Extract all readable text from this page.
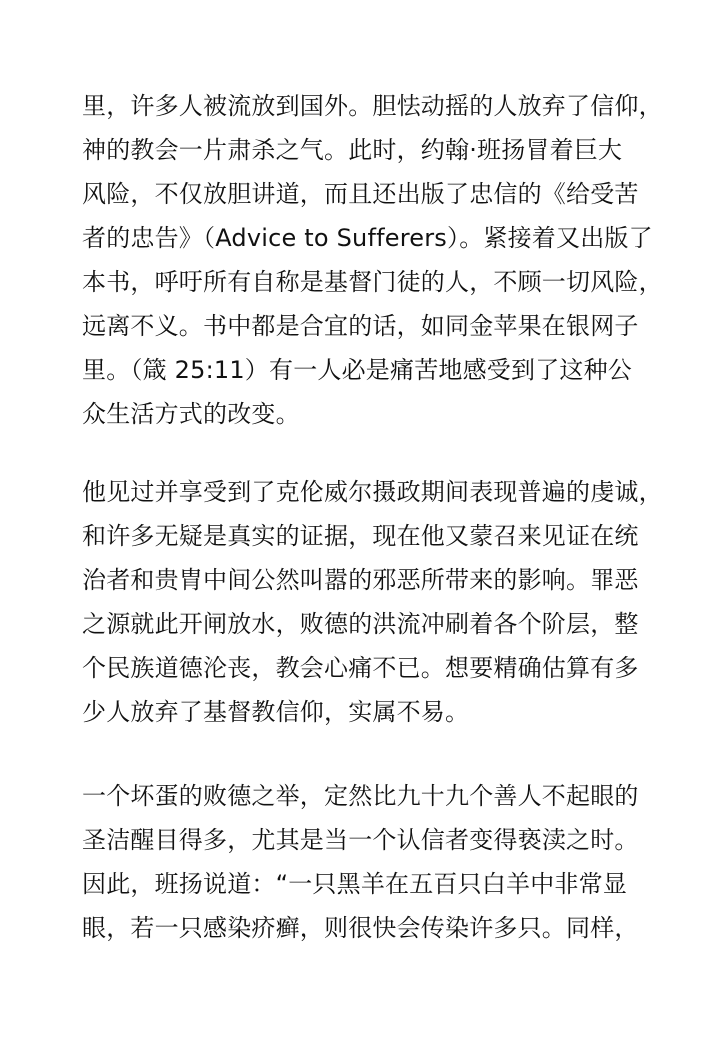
里，许多人被流放到国外。胆怯动摇的人放弃了信仰，
神的教会一片肃杀之气。此时，约翰·班扬冒着巨大
风险，不仅放胆讲道，而且还出版了忠信的《给受苦
者的忠告》（Advice to Sufferers）。紧接着又出版了
本书，呼吁所有自称是基督门徒的人，不顾一切风险，
远离不义。书中都是合宜的话，如同金苹果在银网子
里。（箴 25:11）有一人必是痛苦地感受到了这种公
众生活方式的改变。
他见过并享受到了克伦威尔摄政期间表现普遍的虔诚，
和许多无疑是真实的证据，现在他又蒙召来见证在统
治者和贵胄中间公然叫嚣的邪恶所带来的影响。罪恶
之源就此开闸放水，败德的洪流冲刷着各个阶层，整
个民族道德沦丧，教会心痛不已。想要精确估算有多
少人放弃了基督教信仰，实属不易。
一个坏蛋的败德之举，定然比九十九个善人不起眼的
圣洁醒目得多，尤其是当一个认信者变得亵渎之时。
因此，班扬说道：“一只黑羊在五百只白羊中非常显
眼，若一只感染疥癣，则很快会传染许多只。同样，
